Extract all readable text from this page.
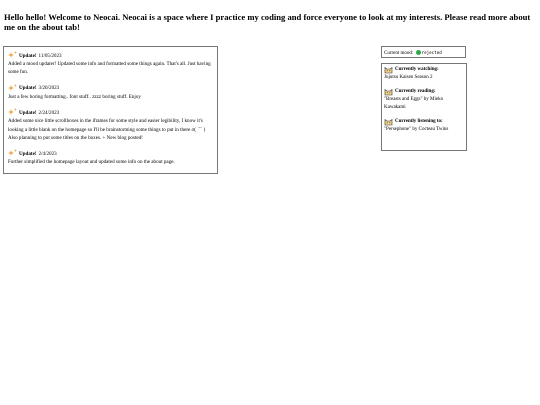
Hello hello! Welcome to Neocai. Neocai is a space where I practice my coding and force everyone to look at my interests. Please read more about me on the about tab!

Update! 11/05/2023
Added a mood updater! Updated some info and formatted some things again. That's all. Just having some fun.
Update! 3/20/2023
Just a few boring formatting.. font stuff.. zzzz boring stuff. Enjoy
Update! 2/24/2023
Added some nice little scrollboxes in the iframes for some style and easier legibility, I know it's looking a little blank on the homepage so I'll be brainstorming some things to put in there σ( ˙˘˙ ) Also planning to put some titles on the boxes. + New blog posted!
Update! 2/4/2023
Further simplified the homepage layout and updated some info on the about page.
Current mood: rejected
Currently watching:
Jujutsu Kaisen Season 2
Currently reading:
"Breasts and Eggs" by Mieko Kawakami
Currently listening to:
"Persephone" by Cocteau Twins
